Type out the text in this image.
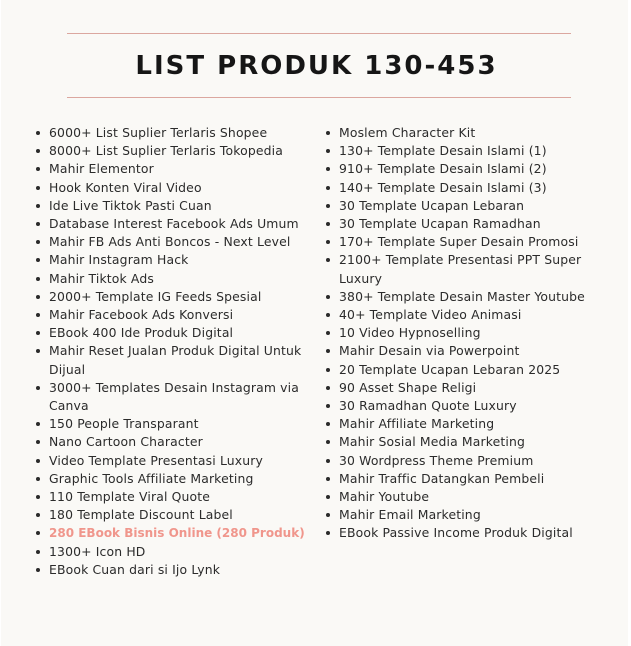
LIST PRODUK 130-453
6000+ List Suplier Terlaris Shopee
8000+ List Suplier Terlaris Tokopedia
Mahir Elementor
Hook Konten Viral Video
Ide Live Tiktok Pasti Cuan
Database Interest Facebook Ads Umum
Mahir FB Ads Anti Boncos - Next Level
Mahir Instagram Hack
Mahir Tiktok Ads
2000+ Template IG Feeds Spesial
Mahir Facebook Ads Konversi
EBook 400 Ide Produk Digital
Mahir Reset Jualan Produk Digital Untuk Dijual
3000+ Templates Desain Instagram via Canva
150 People Transparant
Nano Cartoon Character
Video Template Presentasi Luxury
Graphic Tools Affiliate Marketing
110 Template Viral Quote
180 Template Discount Label
280 EBook Bisnis Online (280 Produk)
1300+ Icon HD
EBook Cuan dari si Ijo Lynk
Moslem Character Kit
130+ Template Desain Islami (1)
910+ Template Desain Islami (2)
140+ Template Desain Islami (3)
30 Template Ucapan Lebaran
30 Template Ucapan Ramadhan
170+ Template Super Desain Promosi
2100+ Template Presentasi PPT Super Luxury
380+ Template Desain Master Youtube
40+ Template Video Animasi
10 Video Hypnoselling
Mahir Desain via Powerpoint
20 Template Ucapan Lebaran 2025
90 Asset Shape Religi
30 Ramadhan Quote Luxury
Mahir Affiliate Marketing
Mahir Sosial Media Marketing
30 Wordpress Theme Premium
Mahir Traffic Datangkan Pembeli
Mahir Youtube
Mahir Email Marketing
EBook Passive Income Produk Digital
